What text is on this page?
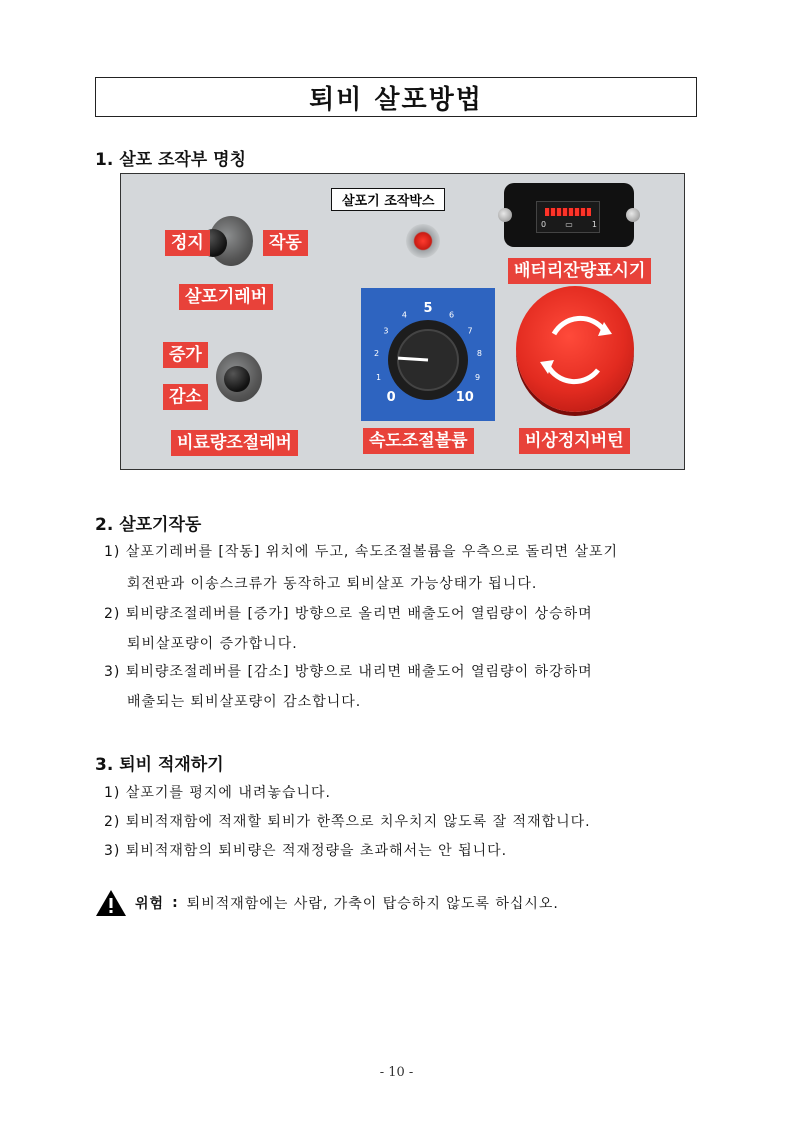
퇴비 살포방법
1. 살포 조작부 명칭
살포기 조작박스
정지	작동
살포기레버
증가
감소
비료량조절레버
0 ▭ 1
배터리잔량표시기
0
1
2
3
4 5 6
7
8
9
10
속도조절볼륨	비상정지버턴
2. 살포기작동
1) 살포기레버를 [작동] 위치에 두고, 속도조절볼륨을 우측으로 돌리면 살포기
회전판과 이송스크류가 동작하고 퇴비살포 가능상태가 됩니다.
2) 퇴비량조절레버를 [증가] 방향으로 올리면 배출도어 열림량이 상승하며
퇴비살포량이 증가합니다.
3) 퇴비량조절레버를 [감소] 방향으로 내리면 배출도어 열림량이 하강하며
배출되는 퇴비살포량이 감소합니다.
3. 퇴비 적재하기
1) 살포기를 평지에 내려놓습니다.
2) 퇴비적재함에 적재할 퇴비가 한쪽으로 치우치지 않도록 잘 적재합니다.
3) 퇴비적재함의 퇴비량은 적재정량을 초과해서는 안 됩니다.
위험 : 퇴비적재함에는 사람, 가축이 탑승하지 않도록 하십시오.
- 10 -
